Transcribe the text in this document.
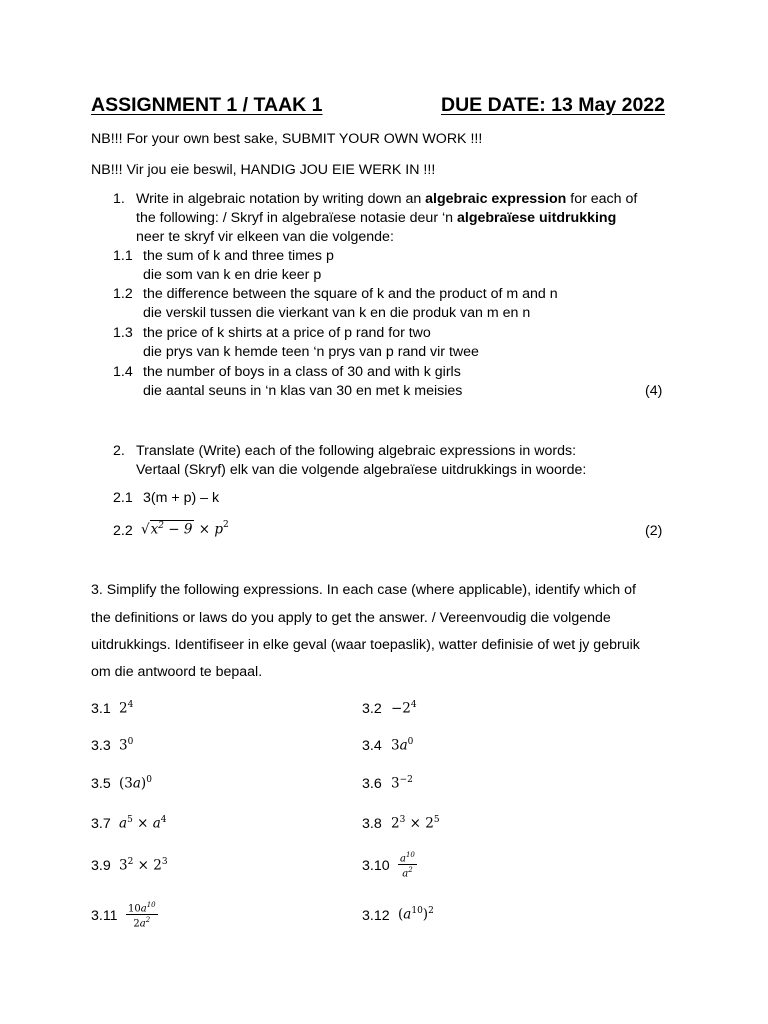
ASSIGNMENT 1 / TAAK 1	DUE DATE: 13 May 2022
NB!!! For your own best sake, SUBMIT YOUR OWN WORK !!!
NB!!! Vir jou eie beswil, HANDIG JOU EIE WERK IN !!!
1. Write in algebraic notation by writing down an algebraic expression for each of
the following: / Skryf in algebraïese notasie deur ‘n algebraïese uitdrukking
neer te skryf vir elkeen van die volgende:
1.1 the sum of k and three times p
die som van k en drie keer p
1.2 the difference between the square of k and the product of m and n
die verskil tussen die vierkant van k en die produk van m en n
1.3 the price of k shirts at a price of p rand for two
die prys van k hemde teen ‘n prys van p rand vir twee
1.4 the number of boys in a class of 30 and with k girls
die aantal seuns in ‘n klas van 30 en met k meisies	(4)
2. Translate (Write) each of the following algebraic expressions in words:
Vertaal (Skryf) elk van die volgende algebraïese uitdrukkings in woorde:
2.1 3(m + p) – k
2.2 $√x^2 - 9 \times p^2$	(2)
3. Simplify the following expressions. In each case (where applicable), identify which of
the definitions or laws do you apply to get the answer. / Vereenvoudig die volgende
uitdrukkings. Identifiseer in elke geval (waar toepaslik), watter definisie of wet jy gebruik
om die antwoord te bepaal.
3.1 $2^4$	$3.2 -2^4$
3.3 $3^0$	3.4 $3a^0$
3.5 $(3a)^0$	3.6 $3^{-2}$
3.7 $a^5 \times a^4$	3.8 $2^3 \times 2^5$
3.9 $3^2 \times 2^3$	$3.10 \frac{a^{10}}{a^2}$
$3.11 \frac{10a^{10}}{2a^2}$	3.12 $(a^{10})^2$
